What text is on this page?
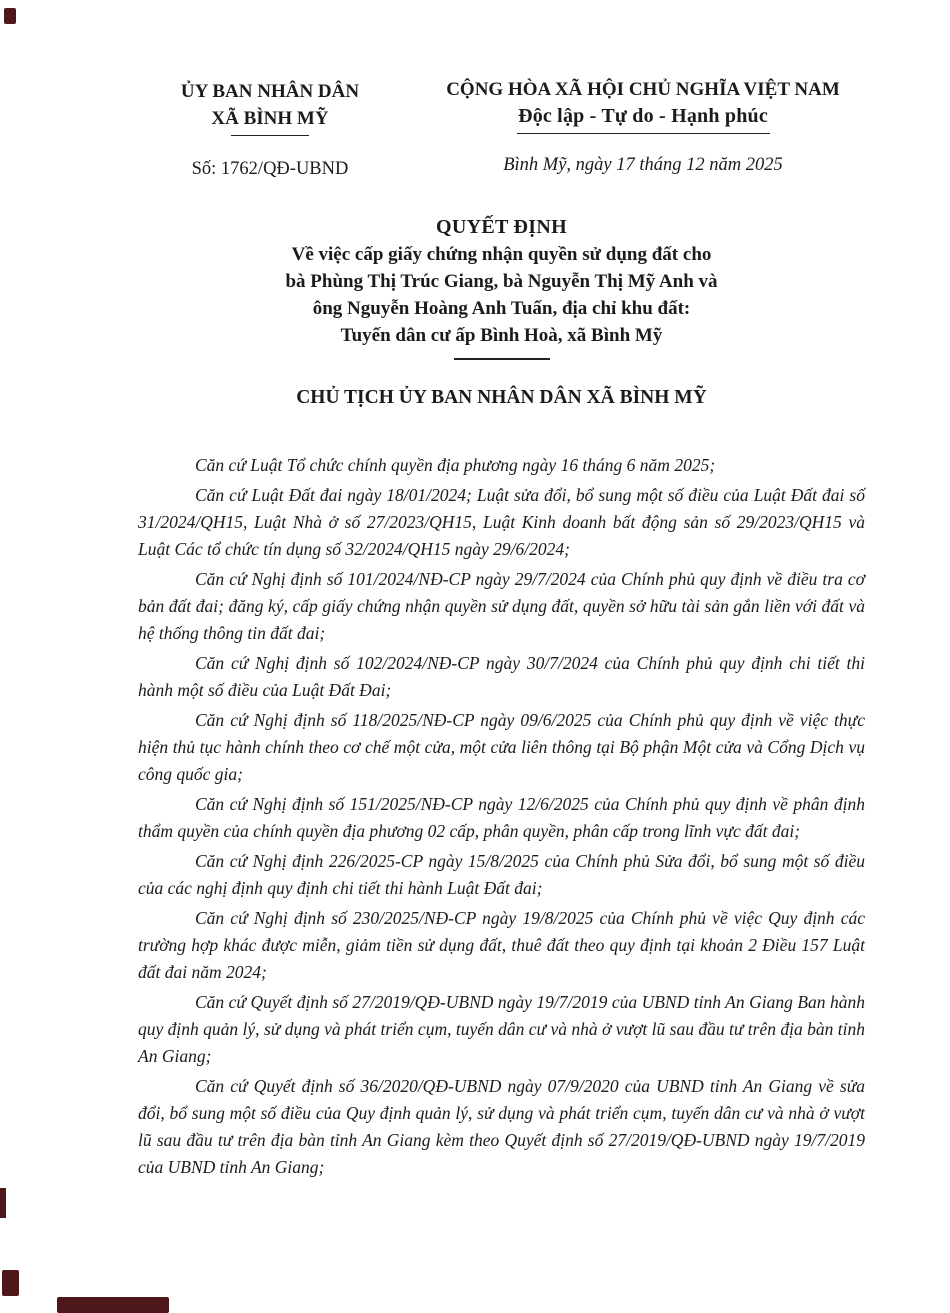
ỦY BAN NHÂN DÂN
XÃ BÌNH MỸ
Số: 1762/QĐ-UBND
CỘNG HÒA XÃ HỘI CHỦ NGHĨA VIỆT NAM
Độc lập - Tự do - Hạnh phúc
Bình Mỹ, ngày 17 tháng 12 năm 2025
QUYẾT ĐỊNH
Về việc cấp giấy chứng nhận quyền sử dụng đất cho
bà Phùng Thị Trúc Giang, bà Nguyễn Thị Mỹ Anh và
ông Nguyễn Hoàng Anh Tuấn, địa chỉ khu đất:
Tuyến dân cư ấp Bình Hoà, xã Bình Mỹ
CHỦ TỊCH ỦY BAN NHÂN DÂN XÃ BÌNH MỸ

Căn cứ Luật Tổ chức chính quyền địa phương ngày 16 tháng 6 năm 2025;

Căn cứ Luật Đất đai ngày 18/01/2024; Luật sửa đổi, bổ sung một số điều của Luật Đất đai số 31/2024/QH15, Luật Nhà ở số 27/2023/QH15, Luật Kinh doanh bất động sản số 29/2023/QH15 và Luật Các tổ chức tín dụng số 32/2024/QH15 ngày 29/6/2024;

Căn cứ Nghị định số 101/2024/NĐ-CP ngày 29/7/2024 của Chính phủ quy định về điều tra cơ bản đất đai; đăng ký, cấp giấy chứng nhận quyền sử dụng đất, quyền sở hữu tài sản gắn liền với đất và hệ thống thông tin đất đai;

Căn cứ Nghị định số 102/2024/NĐ-CP ngày 30/7/2024 của Chính phủ quy định chi tiết thi hành một số điều của Luật Đất Đai;

Căn cứ Nghị định số 118/2025/NĐ-CP ngày 09/6/2025 của Chính phủ quy định về việc thực hiện thủ tục hành chính theo cơ chế một cửa, một cửa liên thông tại Bộ phận Một cửa và Cổng Dịch vụ công quốc gia;

Căn cứ Nghị định số 151/2025/NĐ-CP ngày 12/6/2025 của Chính phủ quy định về phân định thẩm quyền của chính quyền địa phương 02 cấp, phân quyền, phân cấp trong lĩnh vực đất đai;

Căn cứ Nghị định 226/2025-CP ngày 15/8/2025 của Chính phủ Sửa đổi, bổ sung một số điều của các nghị định quy định chi tiết thi hành Luật Đất đai;

Căn cứ Nghị định số 230/2025/NĐ-CP ngày 19/8/2025 của Chính phủ về việc Quy định các trường hợp khác được miễn, giảm tiền sử dụng đất, thuê đất theo quy định tại khoản 2 Điều 157 Luật đất đai năm 2024;

Căn cứ Quyết định số 27/2019/QĐ-UBND ngày 19/7/2019 của UBND tỉnh An Giang Ban hành quy định quản lý, sử dụng và phát triển cụm, tuyến dân cư và nhà ở vượt lũ sau đầu tư trên địa bàn tỉnh An Giang;

Căn cứ Quyết định số 36/2020/QĐ-UBND ngày 07/9/2020 của UBND tỉnh An Giang về sửa đổi, bổ sung một số điều của Quy định quản lý, sử dụng và phát triển cụm, tuyến dân cư và nhà ở vượt lũ sau đầu tư trên địa bàn tỉnh An Giang kèm theo Quyết định số 27/2019/QĐ-UBND ngày 19/7/2019 của UBND tỉnh An Giang;
